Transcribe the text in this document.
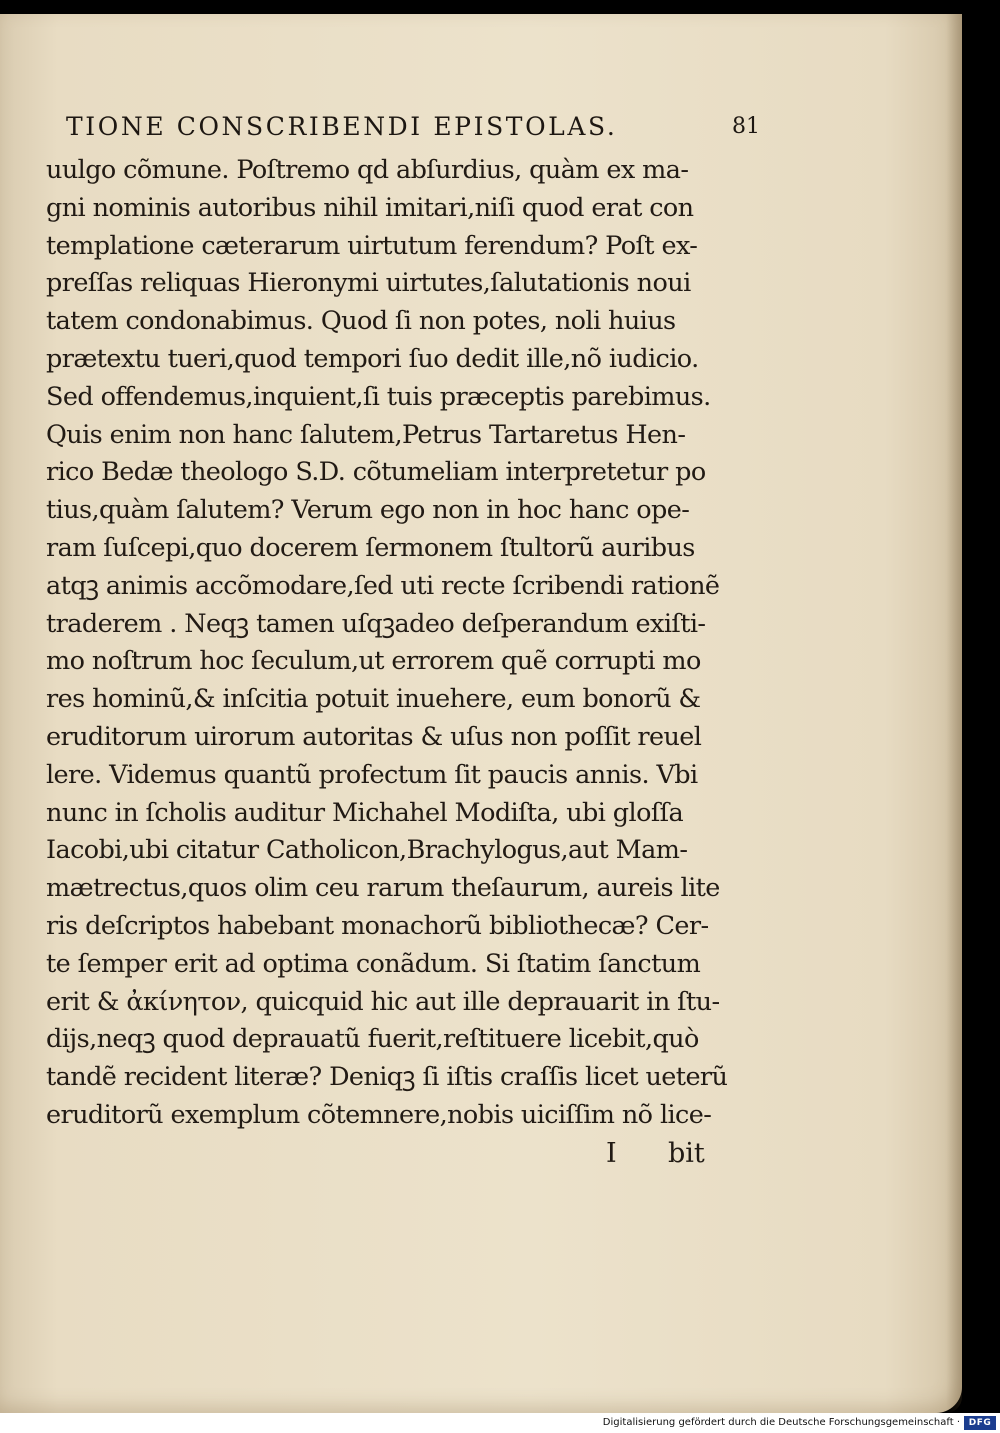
TIONE CONSCRIBENDI EPISTOLAS.	81
uulgo cõmune. Poſtremo qd abſurdius, quàm ex ma-
gni nominis autoribus nihil imitari,niſi quod erat con
templatione cæterarum uirtutum ferendum? Poſt ex-
preſſas reliquas Hieronymi uirtutes,ſalutationis noui
tatem condonabimus. Quod ſi non potes, noli huius
prætextu tueri,quod tempori ſuo dedit ille,nõ iudicio.
Sed offendemus,inquient,ſi tuis præceptis parebimus.
Quis enim non hanc ſalutem,Petrus Tartaretus Hen-
rico Bedæ theologo S.D. cõtumeliam interpretetur po
tius,quàm ſalutem? Verum ego non in hoc hanc ope-
ram ſuſcepi,quo docerem ſermonem ſtultorũ auribus
atqꝫ animis accõmodare,ſed uti recte ſcribendi rationẽ
traderem . Neqꝫ tamen uſqꝫadeo deſperandum exiſti-
mo noſtrum hoc ſeculum,ut errorem quẽ corrupti mo
res hominũ,& inſcitia potuit inuehere, eum bonorũ &
eruditorum uirorum autoritas & uſus non poſſit reuel
lere. Videmus quantũ profectum ſit paucis annis. Vbi
nunc in ſcholis auditur Michahel Modiſta, ubi gloſſa
Iacobi,ubi citatur Catholicon,Brachylogus,aut Mam-
mætrectus,quos olim ceu rarum theſaurum, aureis lite
ris deſcriptos habebant monachorũ bibliothecæ? Cer-
te ſemper erit ad optima conãdum. Si ſtatim ſanctum
erit & ἀκίνητον, quicquid hic aut ille deprauarit in ſtu-
dijs,neqꝫ quod deprauatũ fuerit,reſtituere licebit,quò
tandẽ recident literæ? Deniqꝫ ſi iſtis craſſis licet ueterũ
eruditorũ exemplum cõtemnere,nobis uiciſſim nõ lice-
I bit
Digitalisierung gefördert durch die Deutsche Forschungsgemeinschaft · DFG
